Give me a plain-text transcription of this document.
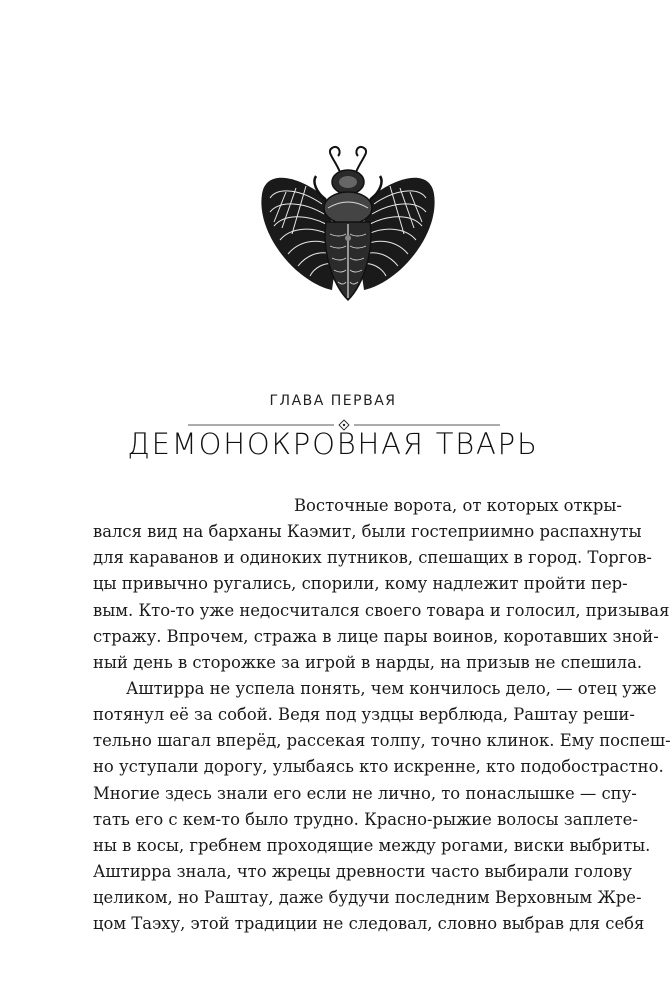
ГЛАВА ПЕРВАЯ
ДЕМОНОКРОВНАЯ ТВАРЬ
Восточные ворота, от которых откры-
вался вид на барханы Каэмит, были гостеприимно распахнуты
для караванов и одиноких путников, спешащих в город. Торгов-
цы привычно ругались, спорили, кому надлежит пройти пер-
вым. Кто-то уже недосчитался своего товара и голосил, призывая
стражу. Впрочем, стража в лице пары воинов, коротавших зной-
ный день в сторожке за игрой в нарды, на призыв не спешила.
Аштирра не успела понять, чем кончилось дело, — отец уже
потянул её за собой. Ведя под уздцы верблюда, Раштау реши-
тельно шагал вперёд, рассекая толпу, точно клинок. Ему поспеш-
но уступали дорогу, улыбаясь кто искренне, кто подобострастно.
Многие здесь знали его если не лично, то понаслышке — спу-
тать его с кем-то было трудно. Красно-рыжие волосы заплете-
ны в косы, гребнем проходящие между рогами, виски выбриты.
Аштирра знала, что жрецы древности часто выбирали голову
целиком, но Раштау, даже будучи последним Верховным Жре-
цом Таэху, этой традиции не следовал, словно выбрав для себя
